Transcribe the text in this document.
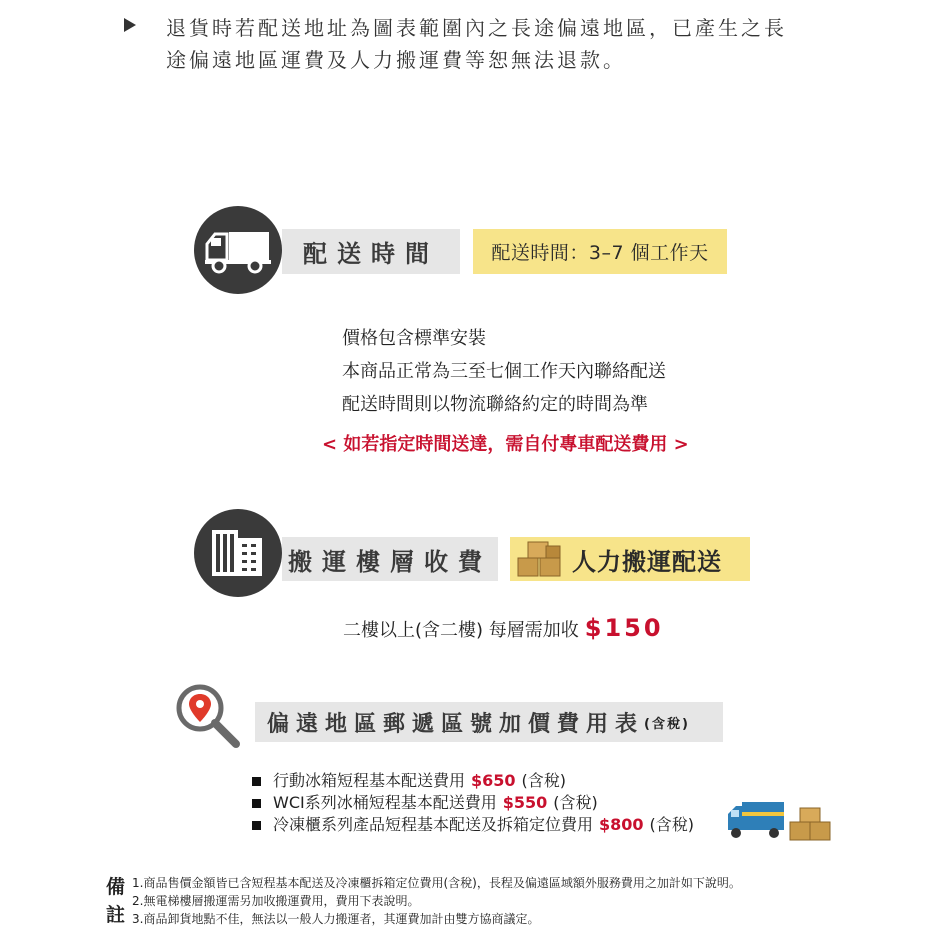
退貨時若配送地址為圖表範圍內之長途偏遠地區，已產生之長
途偏遠地區運費及人力搬運費等恕無法退款。
配送時間	配送時間：3–7 個工作天
價格包含標準安裝
本商品正常為三至七個工作天內聯絡配送
配送時間則以物流聯絡約定的時間為準
< 如若指定時間送達，需自付專車配送費用 >
搬運樓層收費	人力搬運配送
二樓以上(含二樓) 每層需加收 $150
偏遠地區郵遞區號加價費用表 (含稅)
行動冰箱短程基本配送費用 $650 (含稅)
WCI系列冰桶短程基本配送費用 $550 (含稅)
冷凍櫃系列產品短程基本配送及拆箱定位費用 $800 (含稅)
備
註
1.商品售價金額皆已含短程基本配送及冷凍櫃拆箱定位費用(含稅)，長程及偏遠區域額外服務費用之加計如下說明。
2.無電梯樓層搬運需另加收搬運費用，費用下表說明。
3.商品卸貨地點不佳，無法以一般人力搬運者，其運費加計由雙方協商議定。
